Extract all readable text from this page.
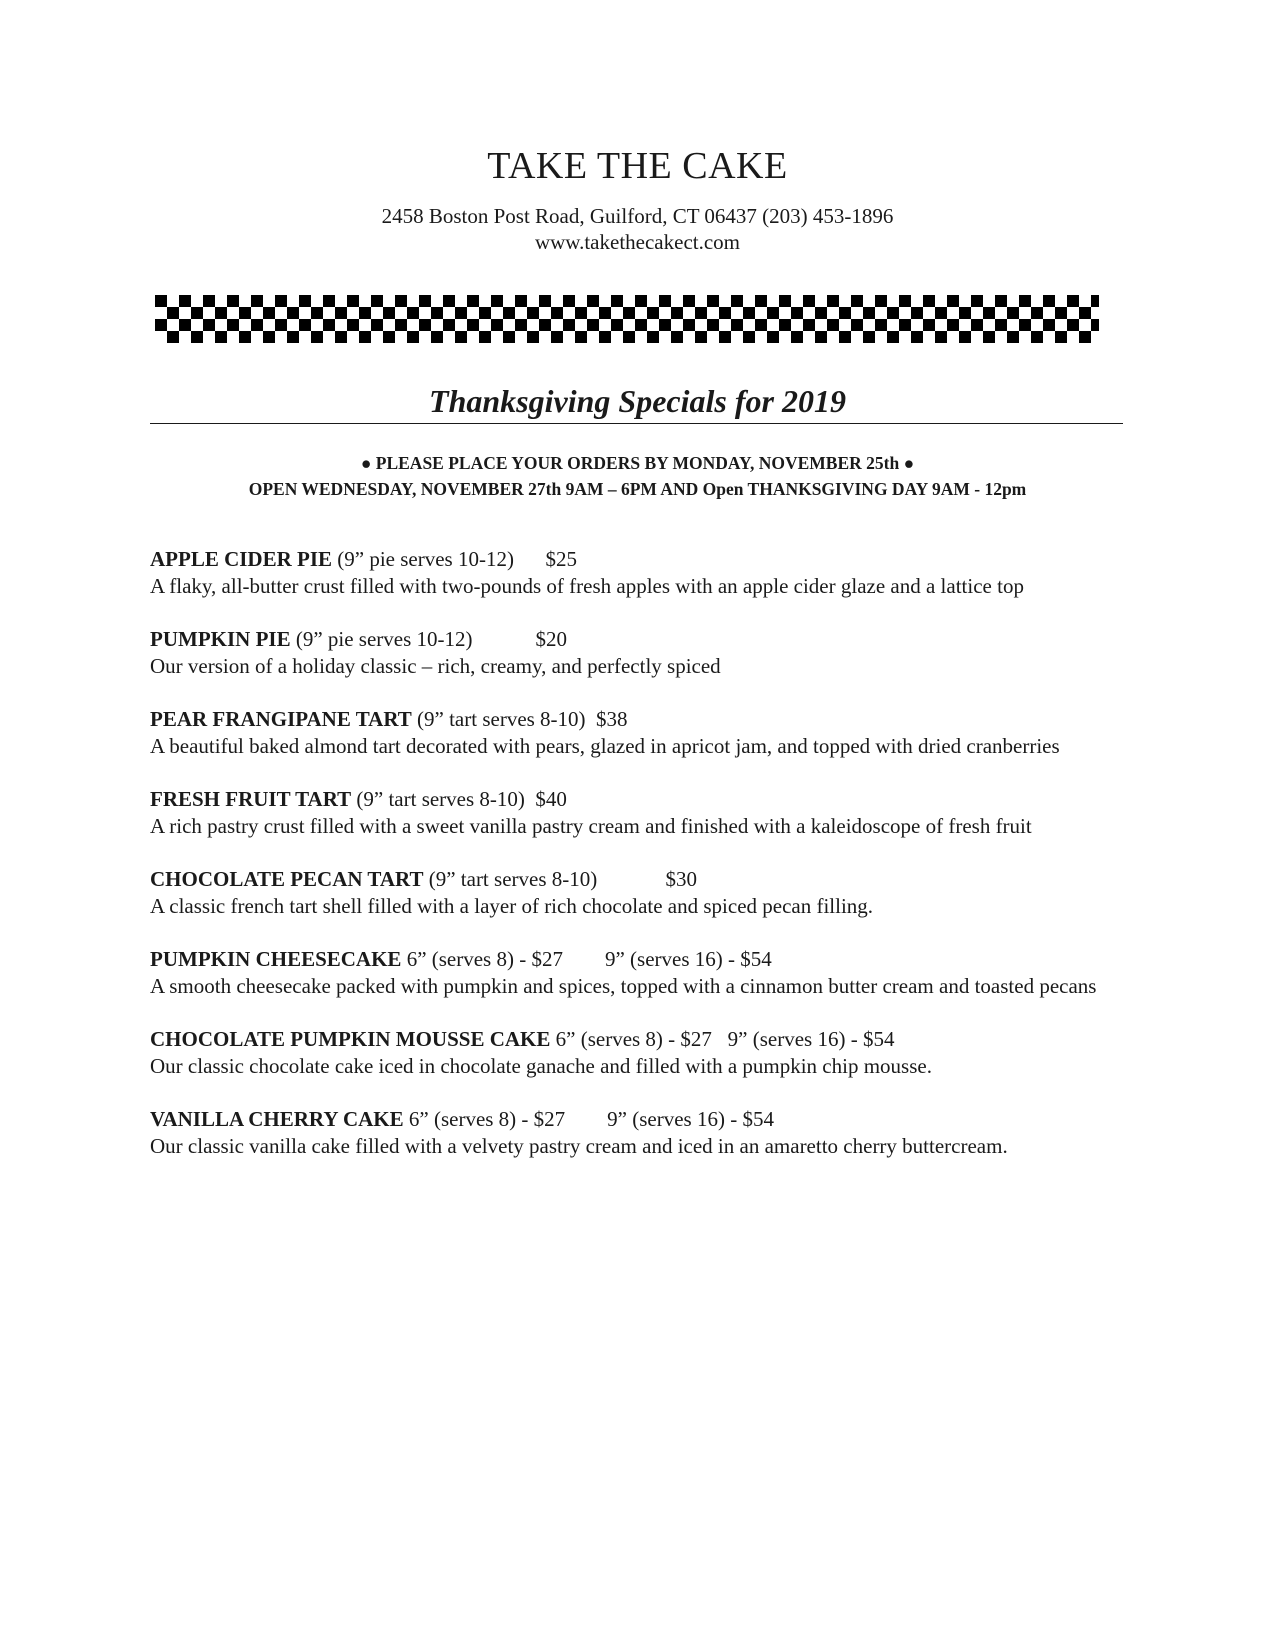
TAKE THE CAKE
2458 Boston Post Road, Guilford, CT 06437 (203) 453-1896
www.takethecakect.com
Thanksgiving Specials for 2019
● PLEASE PLACE YOUR ORDERS BY MONDAY, NOVEMBER 25th ●
OPEN WEDNESDAY, NOVEMBER 27th 9AM – 6PM AND Open THANKSGIVING DAY 9AM - 12pm
APPLE CIDER PIE (9” pie serves 10-12)      $25
A flaky, all-butter crust filled with two-pounds of fresh apples with an apple cider glaze and a lattice top
PUMPKIN PIE (9” pie serves 10-12)            $20
Our version of a holiday classic – rich, creamy, and perfectly spiced
PEAR FRANGIPANE TART (9” tart serves 8-10)  $38
A beautiful baked almond tart decorated with pears, glazed in apricot jam, and topped with dried cranberries
FRESH FRUIT TART (9” tart serves 8-10)  $40
A rich pastry crust filled with a sweet vanilla pastry cream and finished with a kaleidoscope of fresh fruit
CHOCOLATE PECAN TART (9” tart serves 8-10)             $30
A classic french tart shell filled with a layer of rich chocolate and spiced pecan filling.
PUMPKIN CHEESECAKE 6” (serves 8) - $27        9” (serves 16) - $54
A smooth cheesecake packed with pumpkin and spices, topped with a cinnamon butter cream and toasted pecans
CHOCOLATE PUMPKIN MOUSSE CAKE 6” (serves 8) - $27   9” (serves 16) - $54
Our classic chocolate cake iced in chocolate ganache and filled with a pumpkin chip mousse.
VANILLA CHERRY CAKE 6” (serves 8) - $27        9” (serves 16) - $54
Our classic vanilla cake filled with a velvety pastry cream and iced in an amaretto cherry buttercream.
